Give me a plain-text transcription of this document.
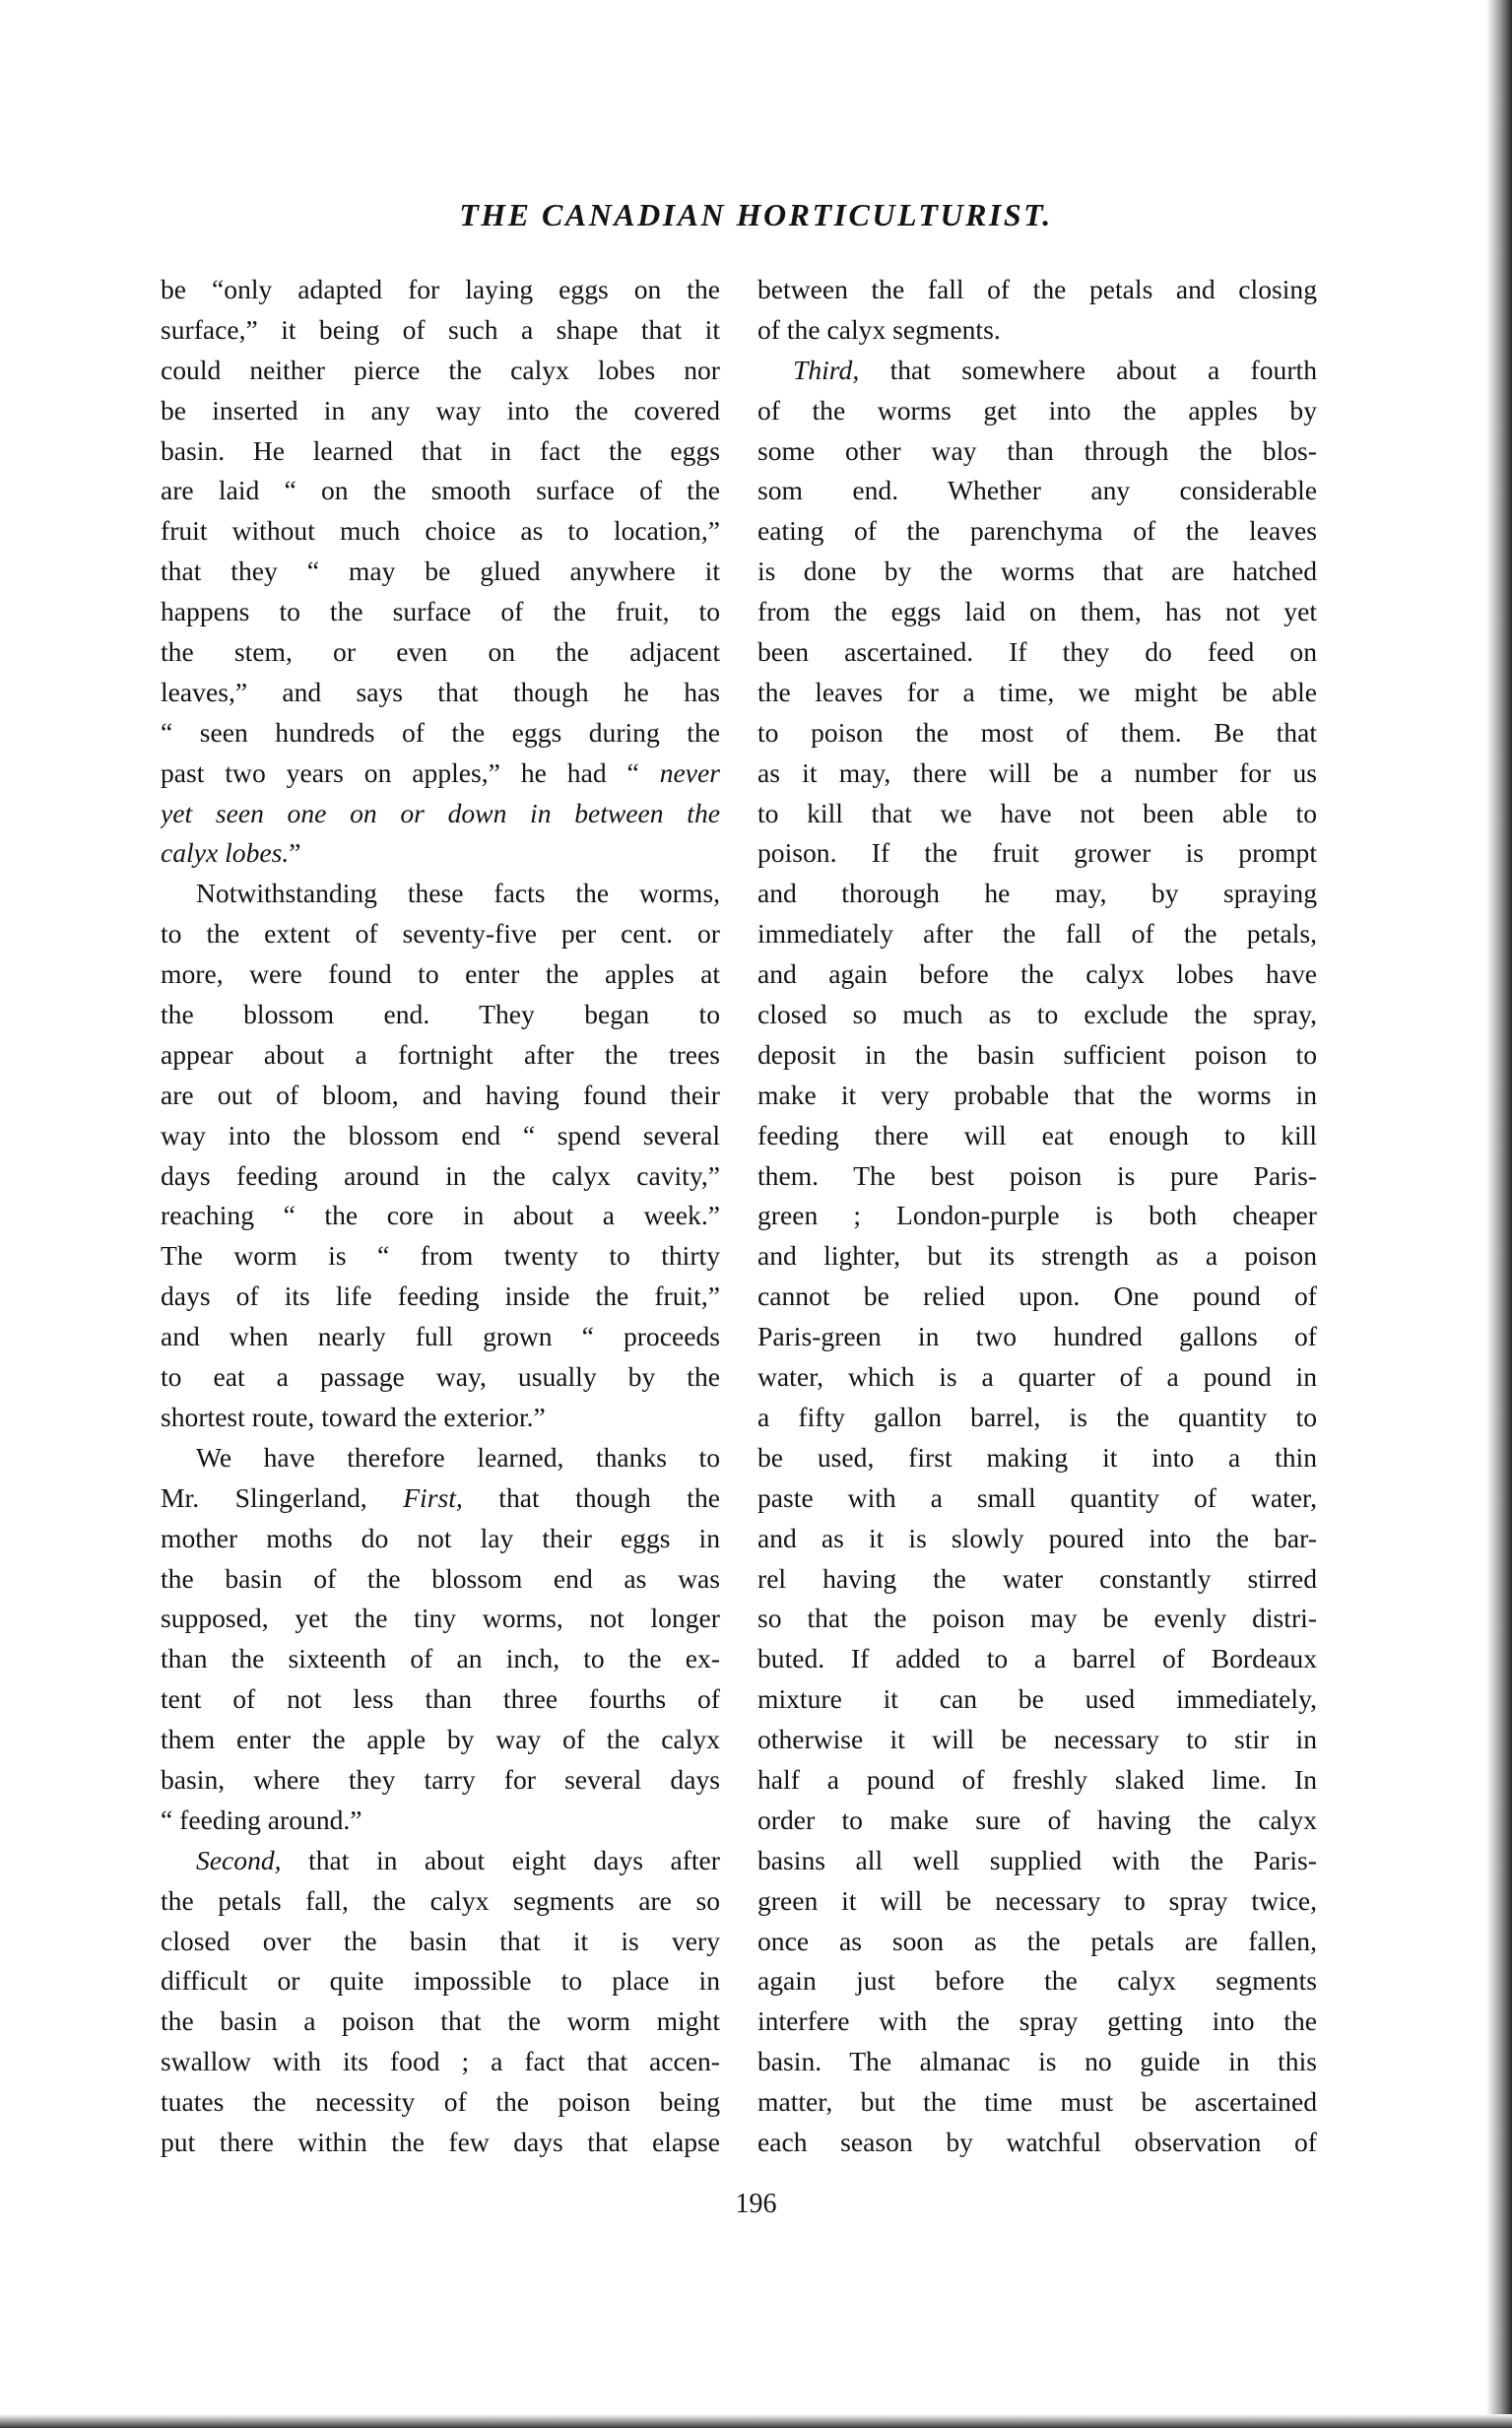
THE CANADIAN HORTICULTURIST.
be “only adapted for laying eggs on the
surface,” it being of such a shape that it
could neither pierce the calyx lobes nor
be inserted in any way into the covered
basin. He learned that in fact the eggs
are laid “ on the smooth surface of the
fruit without much choice as to location,”
that they “ may be glued anywhere it
happens to the surface of the fruit, to
the stem, or even on the adjacent
leaves,” and says that though he has
“ seen hundreds of the eggs during the
past two years on apples,” he had “ never
yet seen one on or down in between the
calyx lobes.”
Notwithstanding these facts the worms,
to the extent of seventy-five per cent. or
more, were found to enter the apples at
the blossom end. They began to
appear about a fortnight after the trees
are out of bloom, and having found their
way into the blossom end “ spend several
days feeding around in the calyx cavity,”
reaching “ the core in about a week.”
The worm is “ from twenty to thirty
days of its life feeding inside the fruit,”
and when nearly full grown “ proceeds
to eat a passage way, usually by the
shortest route, toward the exterior.”
We have therefore learned, thanks to
Mr. Slingerland, First, that though the
mother moths do not lay their eggs in
the basin of the blossom end as was
supposed, yet the tiny worms, not longer
than the sixteenth of an inch, to the ex-
tent of not less than three fourths of
them enter the apple by way of the calyx
basin, where they tarry for several days
“ feeding around.”
Second, that in about eight days after
the petals fall, the calyx segments are so
closed over the basin that it is very
difficult or quite impossible to place in
the basin a poison that the worm might
swallow with its food ; a fact that accen-
tuates the necessity of the poison being
put there within the few days that elapse
between the fall of the petals and closing
of the calyx segments.
Third, that somewhere about a fourth
of the worms get into the apples by
some other way than through the blos-
som end. Whether any considerable
eating of the parenchyma of the leaves
is done by the worms that are hatched
from the eggs laid on them, has not yet
been ascertained. If they do feed on
the leaves for a time, we might be able
to poison the most of them. Be that
as it may, there will be a number for us
to kill that we have not been able to
poison. If the fruit grower is prompt
and thorough he may, by spraying
immediately after the fall of the petals,
and again before the calyx lobes have
closed so much as to exclude the spray,
deposit in the basin sufficient poison to
make it very probable that the worms in
feeding there will eat enough to kill
them. The best poison is pure Paris-
green ; London-purple is both cheaper
and lighter, but its strength as a poison
cannot be relied upon. One pound of
Paris-green in two hundred gallons of
water, which is a quarter of a pound in
a fifty gallon barrel, is the quantity to
be used, first making it into a thin
paste with a small quantity of water,
and as it is slowly poured into the bar-
rel having the water constantly stirred
so that the poison may be evenly distri-
buted. If added to a barrel of Bordeaux
mixture it can be used immediately,
otherwise it will be necessary to stir in
half a pound of freshly slaked lime. In
order to make sure of having the calyx
basins all well supplied with the Paris-
green it will be necessary to spray twice,
once as soon as the petals are fallen,
again just before the calyx segments
interfere with the spray getting into the
basin. The almanac is no guide in this
matter, but the time must be ascertained
each season by watchful observation of

196
